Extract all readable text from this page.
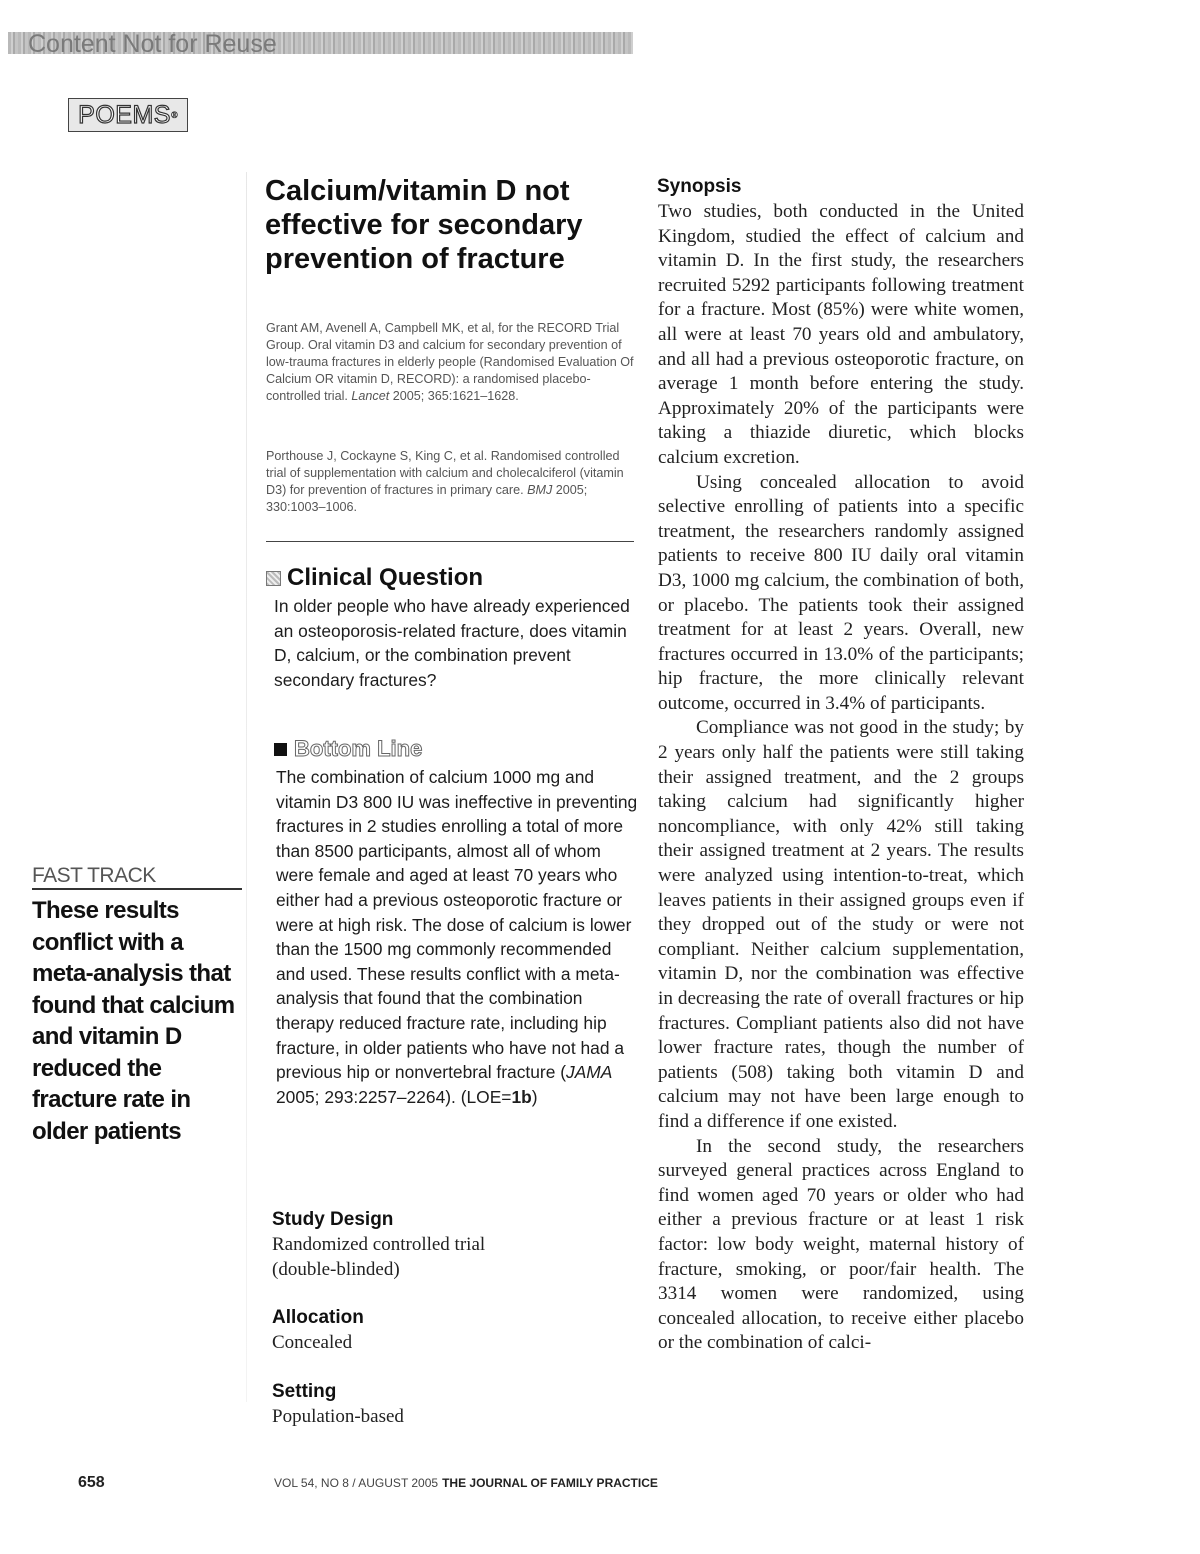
Content Not for Reuse
POEMS ®
Calcium/vitamin D not effective for secondary prevention of fracture
Grant AM, Avenell A, Campbell MK, et al, for the RECORD Trial Group. Oral vitamin D3 and calcium for secondary prevention of low-trauma fractures in elderly people (Randomised Evaluation Of Calcium OR vitamin D, RECORD): a randomised placebo-controlled trial. Lancet 2005; 365:1621–1628.
Porthouse J, Cockayne S, King C, et al. Randomised controlled trial of supplementation with calcium and cholecalciferol (vitamin D3) for prevention of fractures in primary care. BMJ 2005; 330:1003–1006.
Clinical Question
In older people who have already experienced an osteoporosis-related fracture, does vitamin D, calcium, or the combination prevent secondary fractures?
Bottom Line
The combination of calcium 1000 mg and vitamin D3 800 IU was ineffective in preventing fractures in 2 studies enrolling a total of more than 8500 participants, almost all of whom were female and aged at least 70 years who either had a previous osteoporotic fracture or were at high risk. The dose of calcium is lower than the 1500 mg commonly recommended and used. These results conflict with a meta-analysis that found that the combination therapy reduced fracture rate, including hip fracture, in older patients who have not had a previous hip or nonvertebral fracture (JAMA 2005; 293:2257–2264). (LOE=1b)
Study Design
Randomized controlled trial (double-blinded)
Allocation
Concealed
Setting
Population-based
FAST TRACK
These results conflict with a meta-analysis that found that calcium and vitamin D reduced the fracture rate in older patients
Synopsis

Two studies, both conducted in the United Kingdom, studied the effect of calcium and vitamin D. In the first study, the researchers recruited 5292 participants following treatment for a fracture. Most (85%) were white women, all were at least 70 years old and ambulatory, and all had a previous osteoporotic fracture, on average 1 month before entering the study. Approximately 20% of the participants were taking a thiazide diuretic, which blocks calcium excretion.

Using concealed allocation to avoid selective enrolling of patients into a specific treatment, the researchers randomly assigned patients to receive 800 IU daily oral vitamin D3, 1000 mg calcium, the combination of both, or placebo. The patients took their assigned treatment for at least 2 years. Overall, new fractures occurred in 13.0% of the participants; hip fracture, the more clinically relevant outcome, occurred in 3.4% of participants.

Compliance was not good in the study; by 2 years only half the patients were still taking their assigned treatment, and the 2 groups taking calcium had significantly higher noncompliance, with only 42% still taking their assigned treatment at 2 years. The results were analyzed using intention-to-treat, which leaves patients in their assigned groups even if they dropped out of the study or were not compliant. Neither calcium supplementation, vitamin D, nor the combination was effective in decreasing the rate of overall fractures or hip fractures. Compliant patients also did not have lower fracture rates, though the number of patients (508) taking both vitamin D and calcium may not have been large enough to find a difference if one existed.

In the second study, the researchers surveyed general practices across England to find women aged 70 years or older who had either a previous fracture or at least 1 risk factor: low body weight, maternal history of fracture, smoking, or poor/fair health. The 3314 women were randomized, using concealed allocation, to receive either placebo or the combination of calci-

658	VOL 54, NO 8 / AUGUST 2005 THE JOURNAL OF FAMILY PRACTICE
